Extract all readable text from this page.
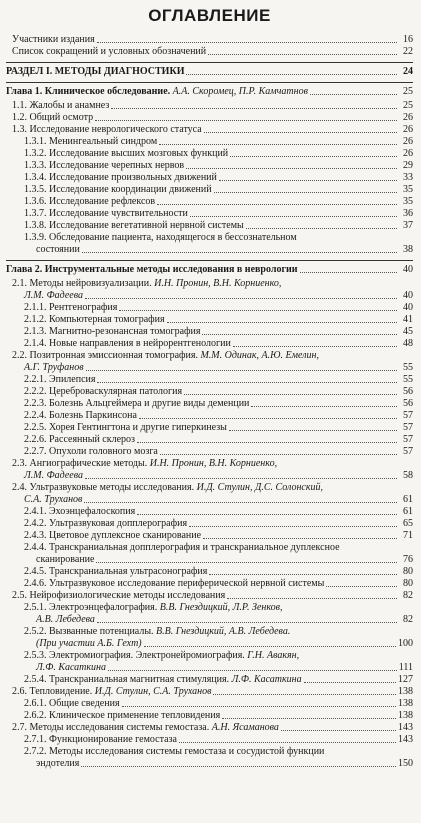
ОГЛАВЛЕНИЕ
Участники издания	16
Список сокращений и условных обозначений	22
РАЗДЕЛ I. МЕТОДЫ ДИАГНОСТИКИ	24
Глава 1. Клиническое обследование. А.А. Скоромец, П.Р. Камчатнов	25
1.1. Жалобы и анамнез	25
1.2. Общий осмотр	26
1.3. Исследование неврологического статуса	26
1.3.1. Менингеальный синдром	26
1.3.2. Исследование высших мозговых функций	26
1.3.3. Исследование черепных нервов	29
1.3.4. Исследование произвольных движений	33
1.3.5. Исследование координации движений	35
1.3.6. Исследование рефлексов	35
1.3.7. Исследование чувствительности	36
1.3.8. Исследование вегетативной нервной системы	37
1.3.9. Обследование пациента, находящегося в бессознательном
состоянии	38
Глава 2. Инструментальные методы исследования в неврологии	40
2.1. Методы нейровизуализации. И.Н. Пронин, В.Н. Корниенко,
Л.М. Фадеева	40
2.1.1. Рентгенография	40
2.1.2. Компьютерная томография	41
2.1.3. Магнитно-резонансная томография	45
2.1.4. Новые направления в нейрорентгенологии	48
2.2. Позитронная эмиссионная томография. М.М. Одинак, А.Ю. Емелин,
А.Г. Труфанов	55
2.2.1. Эпилепсия	55
2.2.2. Цереброваскулярная патология	56
2.2.3. Болезнь Альцгеймера и другие виды деменции	56
2.2.4. Болезнь Паркинсона	57
2.2.5. Хорея Гентингтона и другие гиперкинезы	57
2.2.6. Рассеянный склероз	57
2.2.7. Опухоли головного мозга	57
2.3. Ангиографические методы. И.Н. Пронин, В.Н. Корниенко,
Л.М. Фадеева	58
2.4. Ультразвуковые методы исследования. И.Д. Стулин, Д.С. Солонский,
С.А. Труханов	61
2.4.1. Эхоэнцефалоскопия	61
2.4.2. Ультразвуковая допплерография	65
2.4.3. Цветовое дуплексное сканирование	71
2.4.4. Транскраниальная допплерография и транскраниальное дуплексное
сканирование	76
2.4.5. Транскраниальная ультрасонография	80
2.4.6. Ультразвуковое исследование периферической нервной системы	80
2.5. Нейрофизиологические методы исследования	82
2.5.1. Электроэнцефалография. В.В. Гнездицкий, Л.Р. Зенков,
А.В. Лебедева	82
2.5.2. Вызванные потенциалы. В.В. Гнездицкий, А.В. Лебедева.
(При участии А.Б. Гехт)	100
2.5.3. Электромиография. Электронейромиография. Г.Н. Авакян,
Л.Ф. Касаткина	111
2.5.4. Транскраниальная магнитная стимуляция. Л.Ф. Касаткина	127
2.6. Тепловидение. И.Д. Стулин, С.А. Труханов	138
2.6.1. Общие сведения	138
2.6.2. Клиническое применение тепловидения	138
2.7. Методы исследования системы гемостаза. А.Н. Ясаманова	143
2.7.1. Функционирование гемостаза	143
2.7.2. Методы исследования системы гемостаза и сосудистой функции
эндотелия	150
